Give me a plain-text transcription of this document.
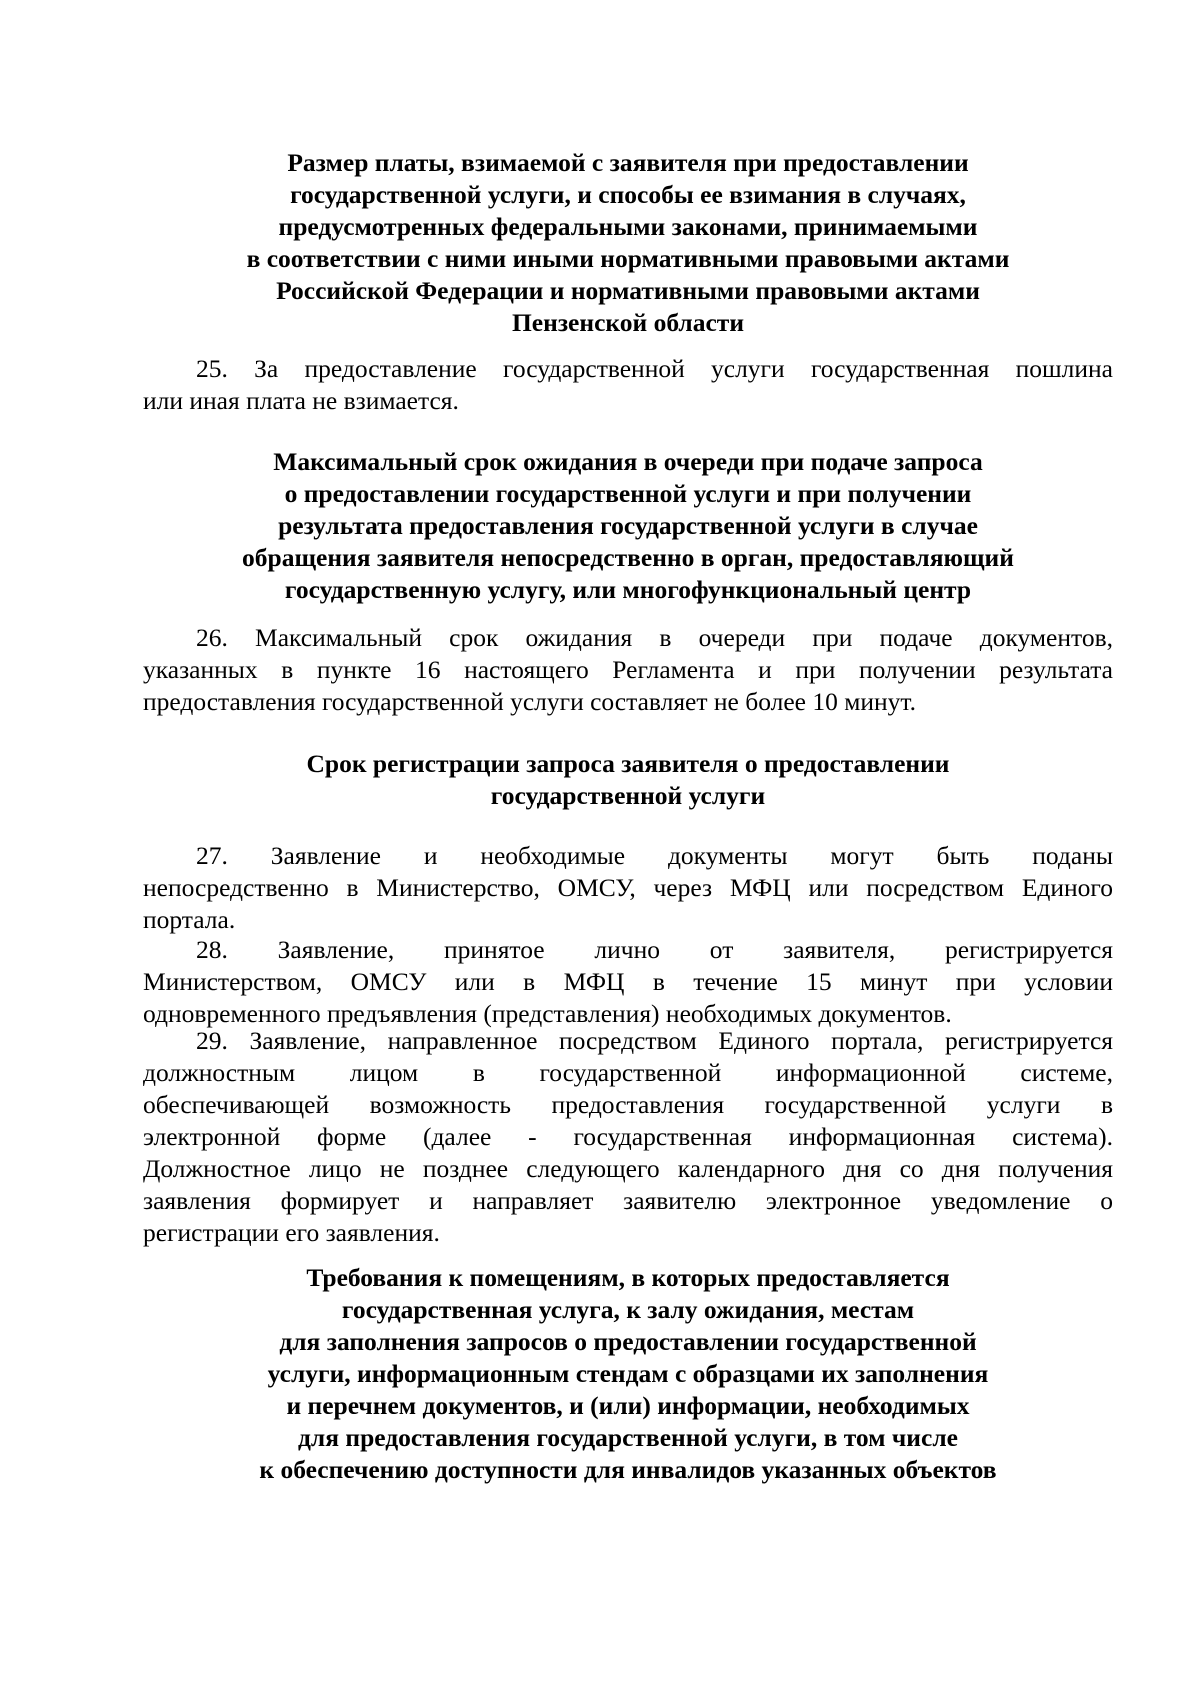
Размер платы, взимаемой с заявителя при предоставлении
государственной услуги, и способы ее взимания в случаях,
предусмотренных федеральными законами, принимаемыми
в соответствии с ними иными нормативными правовыми актами
Российской Федерации и нормативными правовыми актами
Пензенской области
25. За предоставление государственной услуги государственная пошлина
или иная плата не взимается.
Максимальный срок ожидания в очереди при подаче запроса
о предоставлении государственной услуги и при получении
результата предоставления государственной услуги в случае
обращения заявителя непосредственно в орган, предоставляющий
государственную услугу, или многофункциональный центр
26. Максимальный срок ожидания в очереди при подаче документов,
указанных в пункте 16 настоящего Регламента и при получении результата
предоставления государственной услуги составляет не более 10 минут.
Срок регистрации запроса заявителя о предоставлении
государственной услуги
27. Заявление и необходимые документы могут быть поданы
непосредственно в Министерство, ОМСУ, через МФЦ или посредством Единого
портала.
28. Заявление, принятое лично от заявителя, регистрируется
Министерством, ОМСУ или в МФЦ в течение 15 минут при условии
одновременного предъявления (представления) необходимых документов.
29. Заявление, направленное посредством Единого портала, регистрируется
должностным лицом в государственной информационной системе,
обеспечивающей возможность предоставления государственной услуги в
электронной форме (далее - государственная информационная система).
Должностное лицо не позднее следующего календарного дня со дня получения
заявления формирует и направляет заявителю электронное уведомление о
регистрации его заявления.
Требования к помещениям, в которых предоставляется
государственная услуга, к залу ожидания, местам
для заполнения запросов о предоставлении государственной
услуги, информационным стендам с образцами их заполнения
и перечнем документов, и (или) информации, необходимых
для предоставления государственной услуги, в том числе
к обеспечению доступности для инвалидов указанных объектов
